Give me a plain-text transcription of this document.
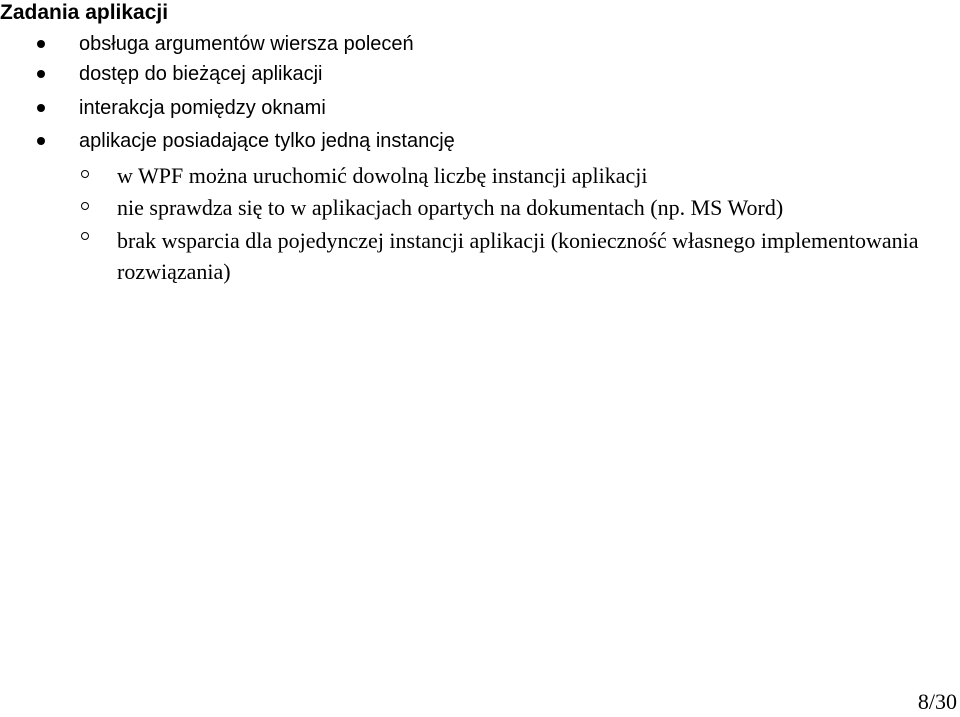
Zadania aplikacji
obsługa argumentów wiersza poleceń
dostęp do bieżącej aplikacji
interakcja pomiędzy oknami
aplikacje posiadające tylko jedną instancję
w WPF można uruchomić dowolną liczbę instancji aplikacji
nie sprawdza się to w aplikacjach opartych na dokumentach (np. MS Word)
brak wsparcia dla pojedynczej instancji aplikacji (konieczność własnego implementowania rozwiązania)
8/30
